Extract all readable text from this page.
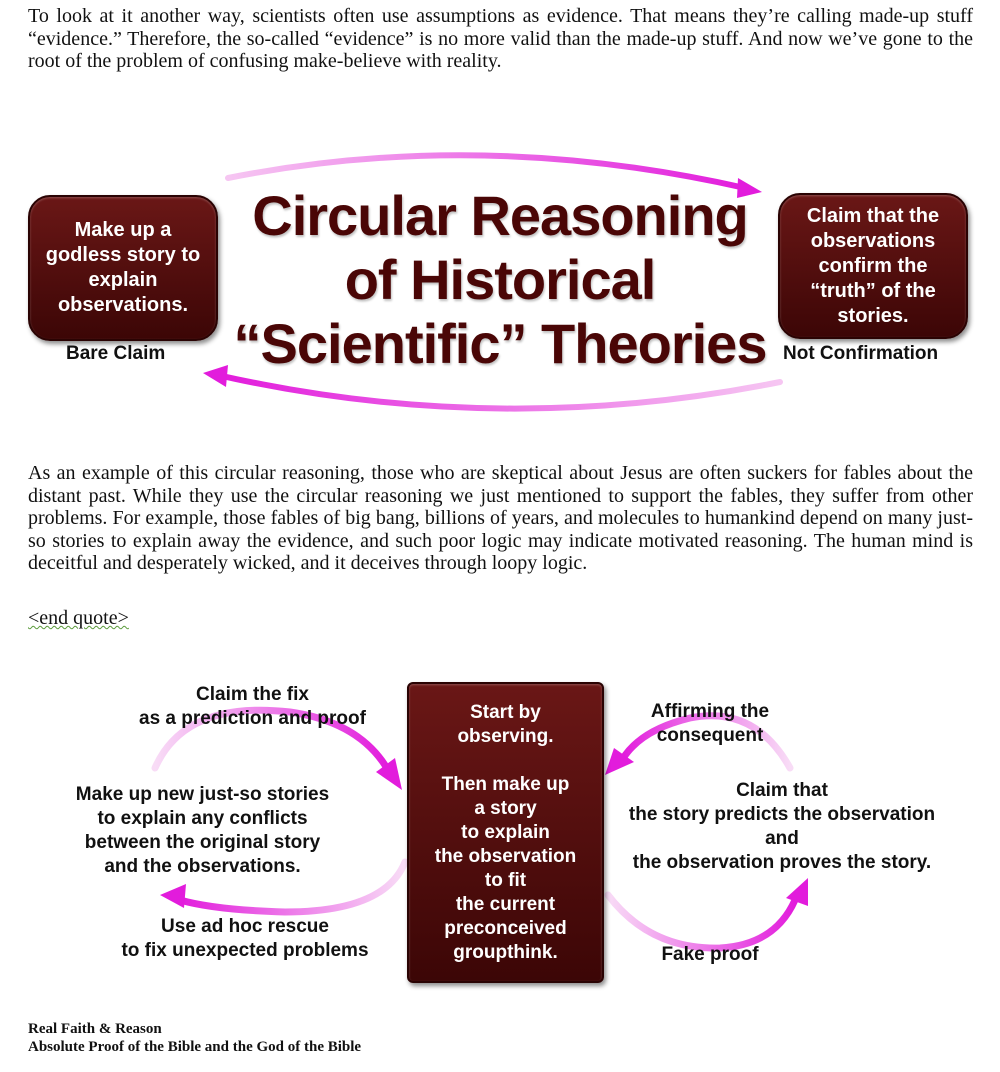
To look at it another way, scientists often use assumptions as evidence. That means they’re calling made-up stuff “evidence.” Therefore, the so-called “evidence” is no more valid than the made-up stuff. And now we’ve gone to the root of the problem of confusing make-believe with reality.

Make up a godless story to explain observations.
Bare Claim
Circular Reasoning
of Historical
“Scientific” Theories
Claim that the observations confirm the “truth” of the stories.
Not Confirmation

As an example of this circular reasoning, those who are skeptical about Jesus are often suckers for fables about the distant past. While they use the circular reasoning we just mentioned to support the fables, they suffer from other problems. For example, those fables of big bang, billions of years, and molecules to humankind depend on many just-so stories to explain away the evidence, and such poor logic may indicate motivated reasoning. The human mind is deceitful and desperately wicked, and it deceives through loopy logic.

<end quote>
Start by
observing.
Then make up
a story
to explain
the observation
to fit
the current
preconceived
groupthink.
Claim the fix
as a prediction and proof
Make up new just-so stories
to explain any conflicts
between the original story
and the observations.
Use ad hoc rescue
to fix unexpected problems
Affirming the
consequent
Claim that
the story predicts the observation
and
the observation proves the story.
Fake proof
Real Faith & Reason
Absolute Proof of the Bible and the God of the Bible
